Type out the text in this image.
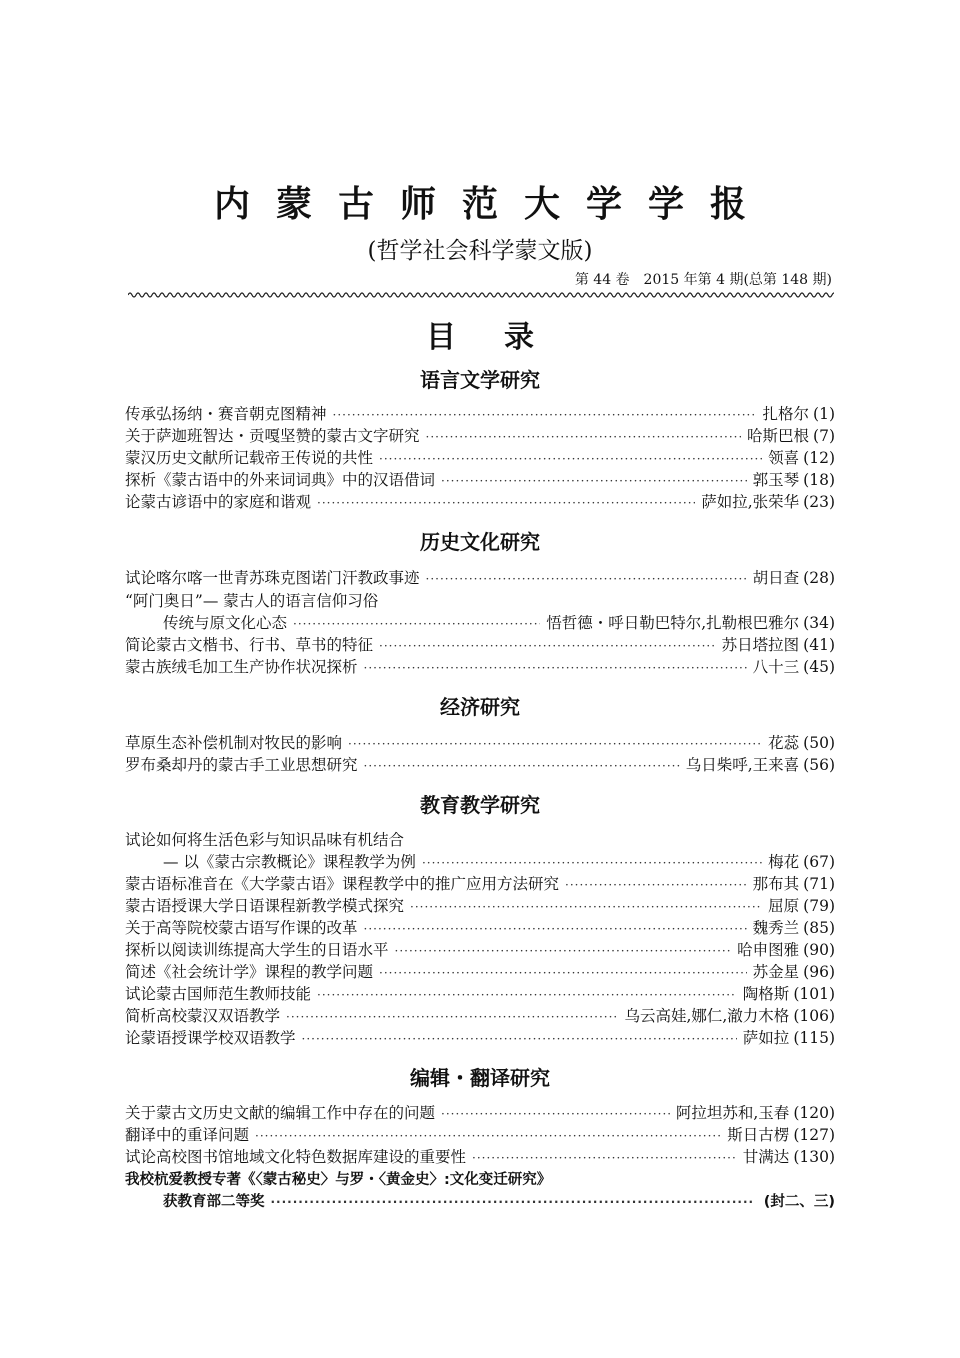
内蒙古师范大学学报
(哲学社会科学蒙文版)
第 44 卷　2015 年第 4 期(总第 148 期)
目录
语言文学研究
传承弘扬纳・赛音朝克图精神 ·····	扎格尔 (1)
关于萨迦班智达・贡嘎坚赞的蒙古文字研究 ·····	哈斯巴根 (7)
蒙汉历史文献所记载帝王传说的共性 ·····	领喜 (12)
探析《蒙古语中的外来词词典》中的汉语借词 ·····	郭玉琴 (18)
论蒙古谚语中的家庭和谐观 ·····	萨如拉,张荣华 (23)
历史文化研究
试论喀尔喀一世青苏珠克图诺门汗教政事迹 ·····	胡日查 (28)
“阿门奥日”— 蒙古人的语言信仰习俗
传统与原文化心态 ·····	悟哲德・呼日勒巴特尔,扎勒根巴雅尔 (34)
简论蒙古文楷书、行书、草书的特征 ·····	苏日塔拉图 (41)
蒙古族绒毛加工生产协作状况探析 ·····	八十三 (45)
经济研究
草原生态补偿机制对牧民的影响 ·····	花蕊 (50)
罗布桑却丹的蒙古手工业思想研究 ·····	乌日柴呼,王来喜 (56)
教育教学研究
试论如何将生活色彩与知识品味有机结合
— 以《蒙古宗教概论》课程教学为例 ·····	梅花 (67)
蒙古语标准音在《大学蒙古语》课程教学中的推广应用方法研究 ·····	那布其 (71)
蒙古语授课大学日语课程新教学模式探究 ·····	屈原 (79)
关于高等院校蒙古语写作课的改革 ·····	魏秀兰 (85)
探析以阅读训练提高大学生的日语水平 ·····	哈申图雅 (90)
简述《社会统计学》课程的教学问题 ·····	苏金星 (96)
试论蒙古国师范生教师技能 ·····	陶格斯 (101)
简析高校蒙汉双语教学 ·····	乌云高娃,娜仁,澈力木格 (106)
论蒙语授课学校双语教学 ·····	萨如拉 (115)
编辑・翻译研究
关于蒙古文历史文献的编辑工作中存在的问题 ·····	阿拉坦苏和,玉春 (120)
翻译中的重译问题 ·····	斯日古楞 (127)
试论高校图书馆地域文化特色数据库建设的重要性 ·····	甘满达 (130)
我校杭爱教授专著《〈蒙古秘史〉与罗・〈黄金史〉:文化变迁研究》
获教育部二等奖 ·····	(封二、三)
